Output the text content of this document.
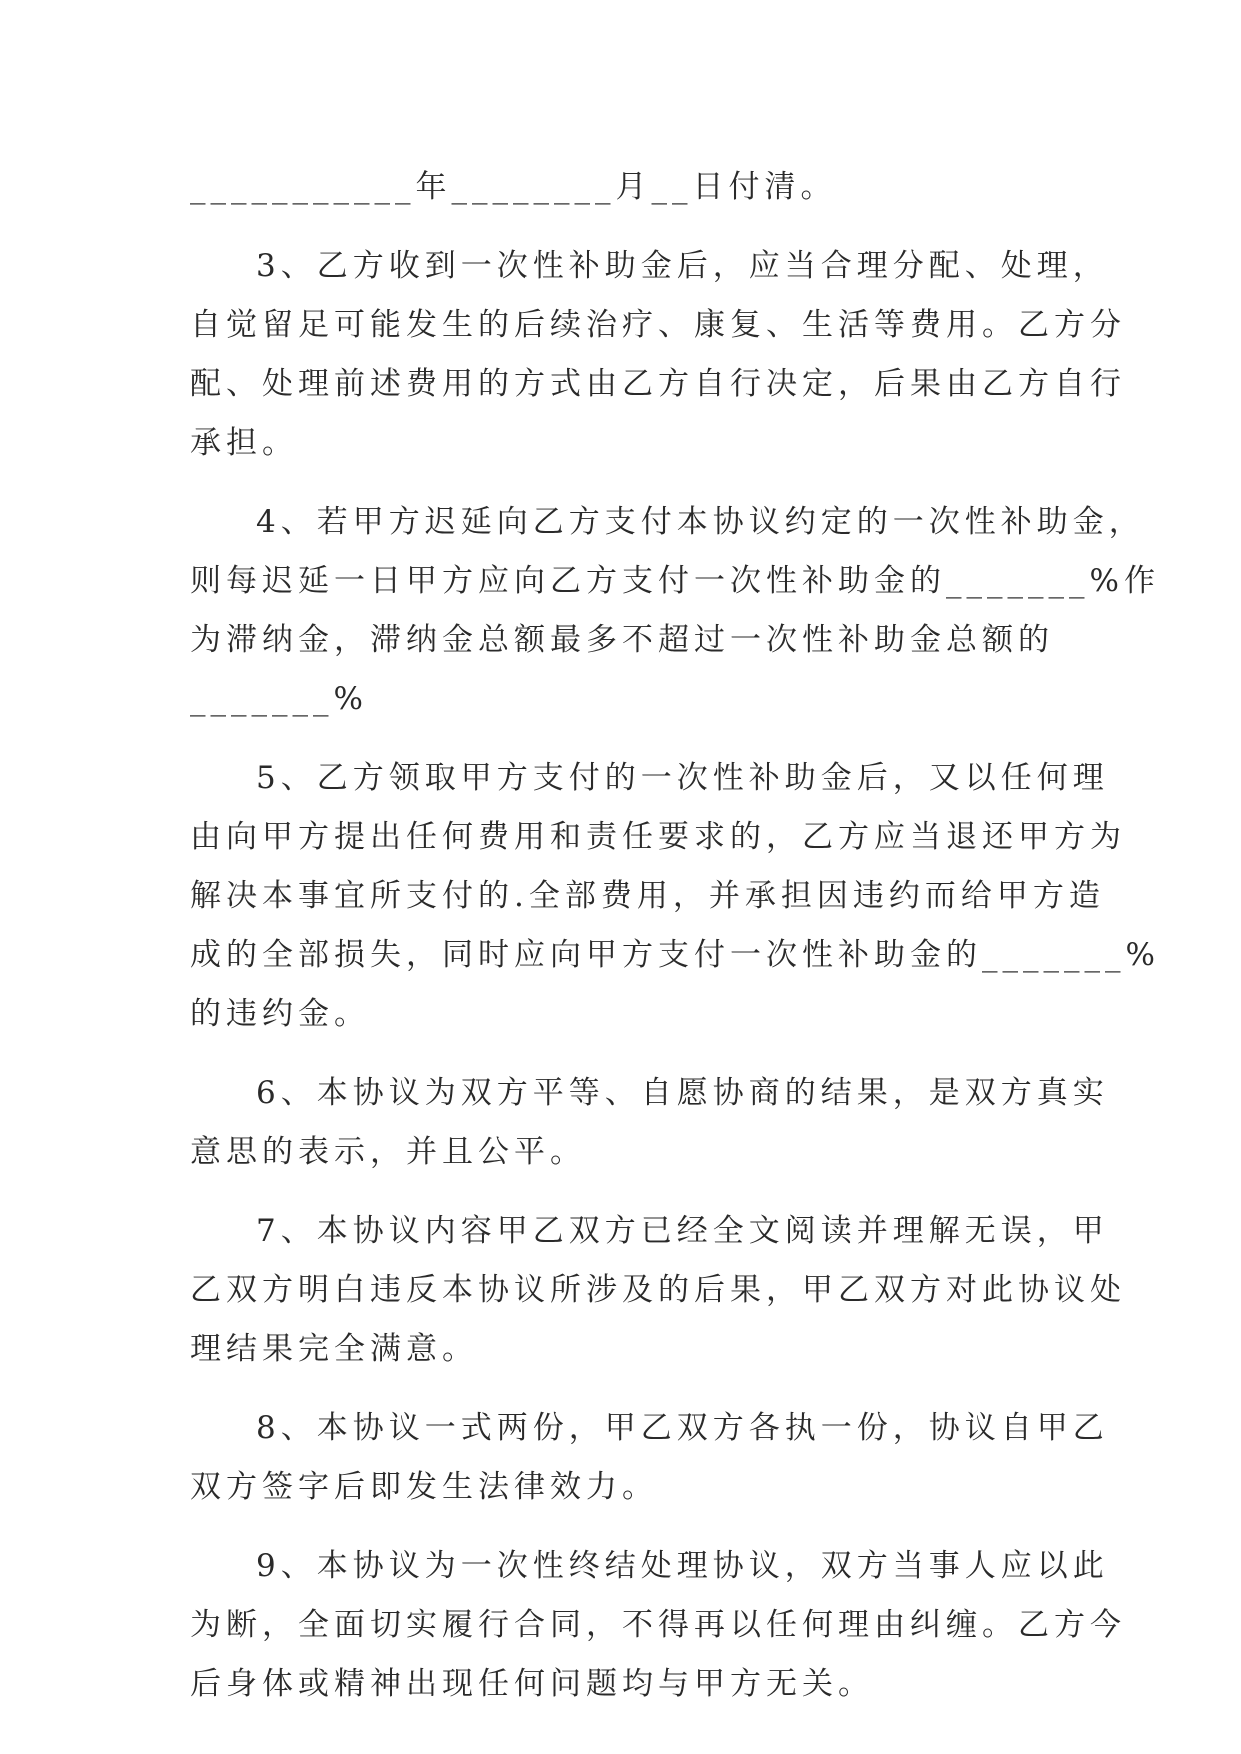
___________年________月__日付清。
3、乙方收到一次性补助金后，应当合理分配、处理，
自觉留足可能发生的后续治疗、康复、生活等费用。乙方分
配、处理前述费用的方式由乙方自行决定，后果由乙方自行
承担。
4、若甲方迟延向乙方支付本协议约定的一次性补助金，
则每迟延一日甲方应向乙方支付一次性补助金的_______%作
为滞纳金，滞纳金总额最多不超过一次性补助金总额的
_______%
5、乙方领取甲方支付的一次性补助金后，又以任何理
由向甲方提出任何费用和责任要求的，乙方应当退还甲方为
解决本事宜所支付的.全部费用，并承担因违约而给甲方造
成的全部损失，同时应向甲方支付一次性补助金的_______%
的违约金。
6、本协议为双方平等、自愿协商的结果，是双方真实
意思的表示，并且公平。
7、本协议内容甲乙双方已经全文阅读并理解无误，甲
乙双方明白违反本协议所涉及的后果，甲乙双方对此协议处
理结果完全满意。
8、本协议一式两份，甲乙双方各执一份，协议自甲乙
双方签字后即发生法律效力。
9、本协议为一次性终结处理协议，双方当事人应以此
为断，全面切实履行合同，不得再以任何理由纠缠。乙方今
后身体或精神出现任何问题均与甲方无关。
